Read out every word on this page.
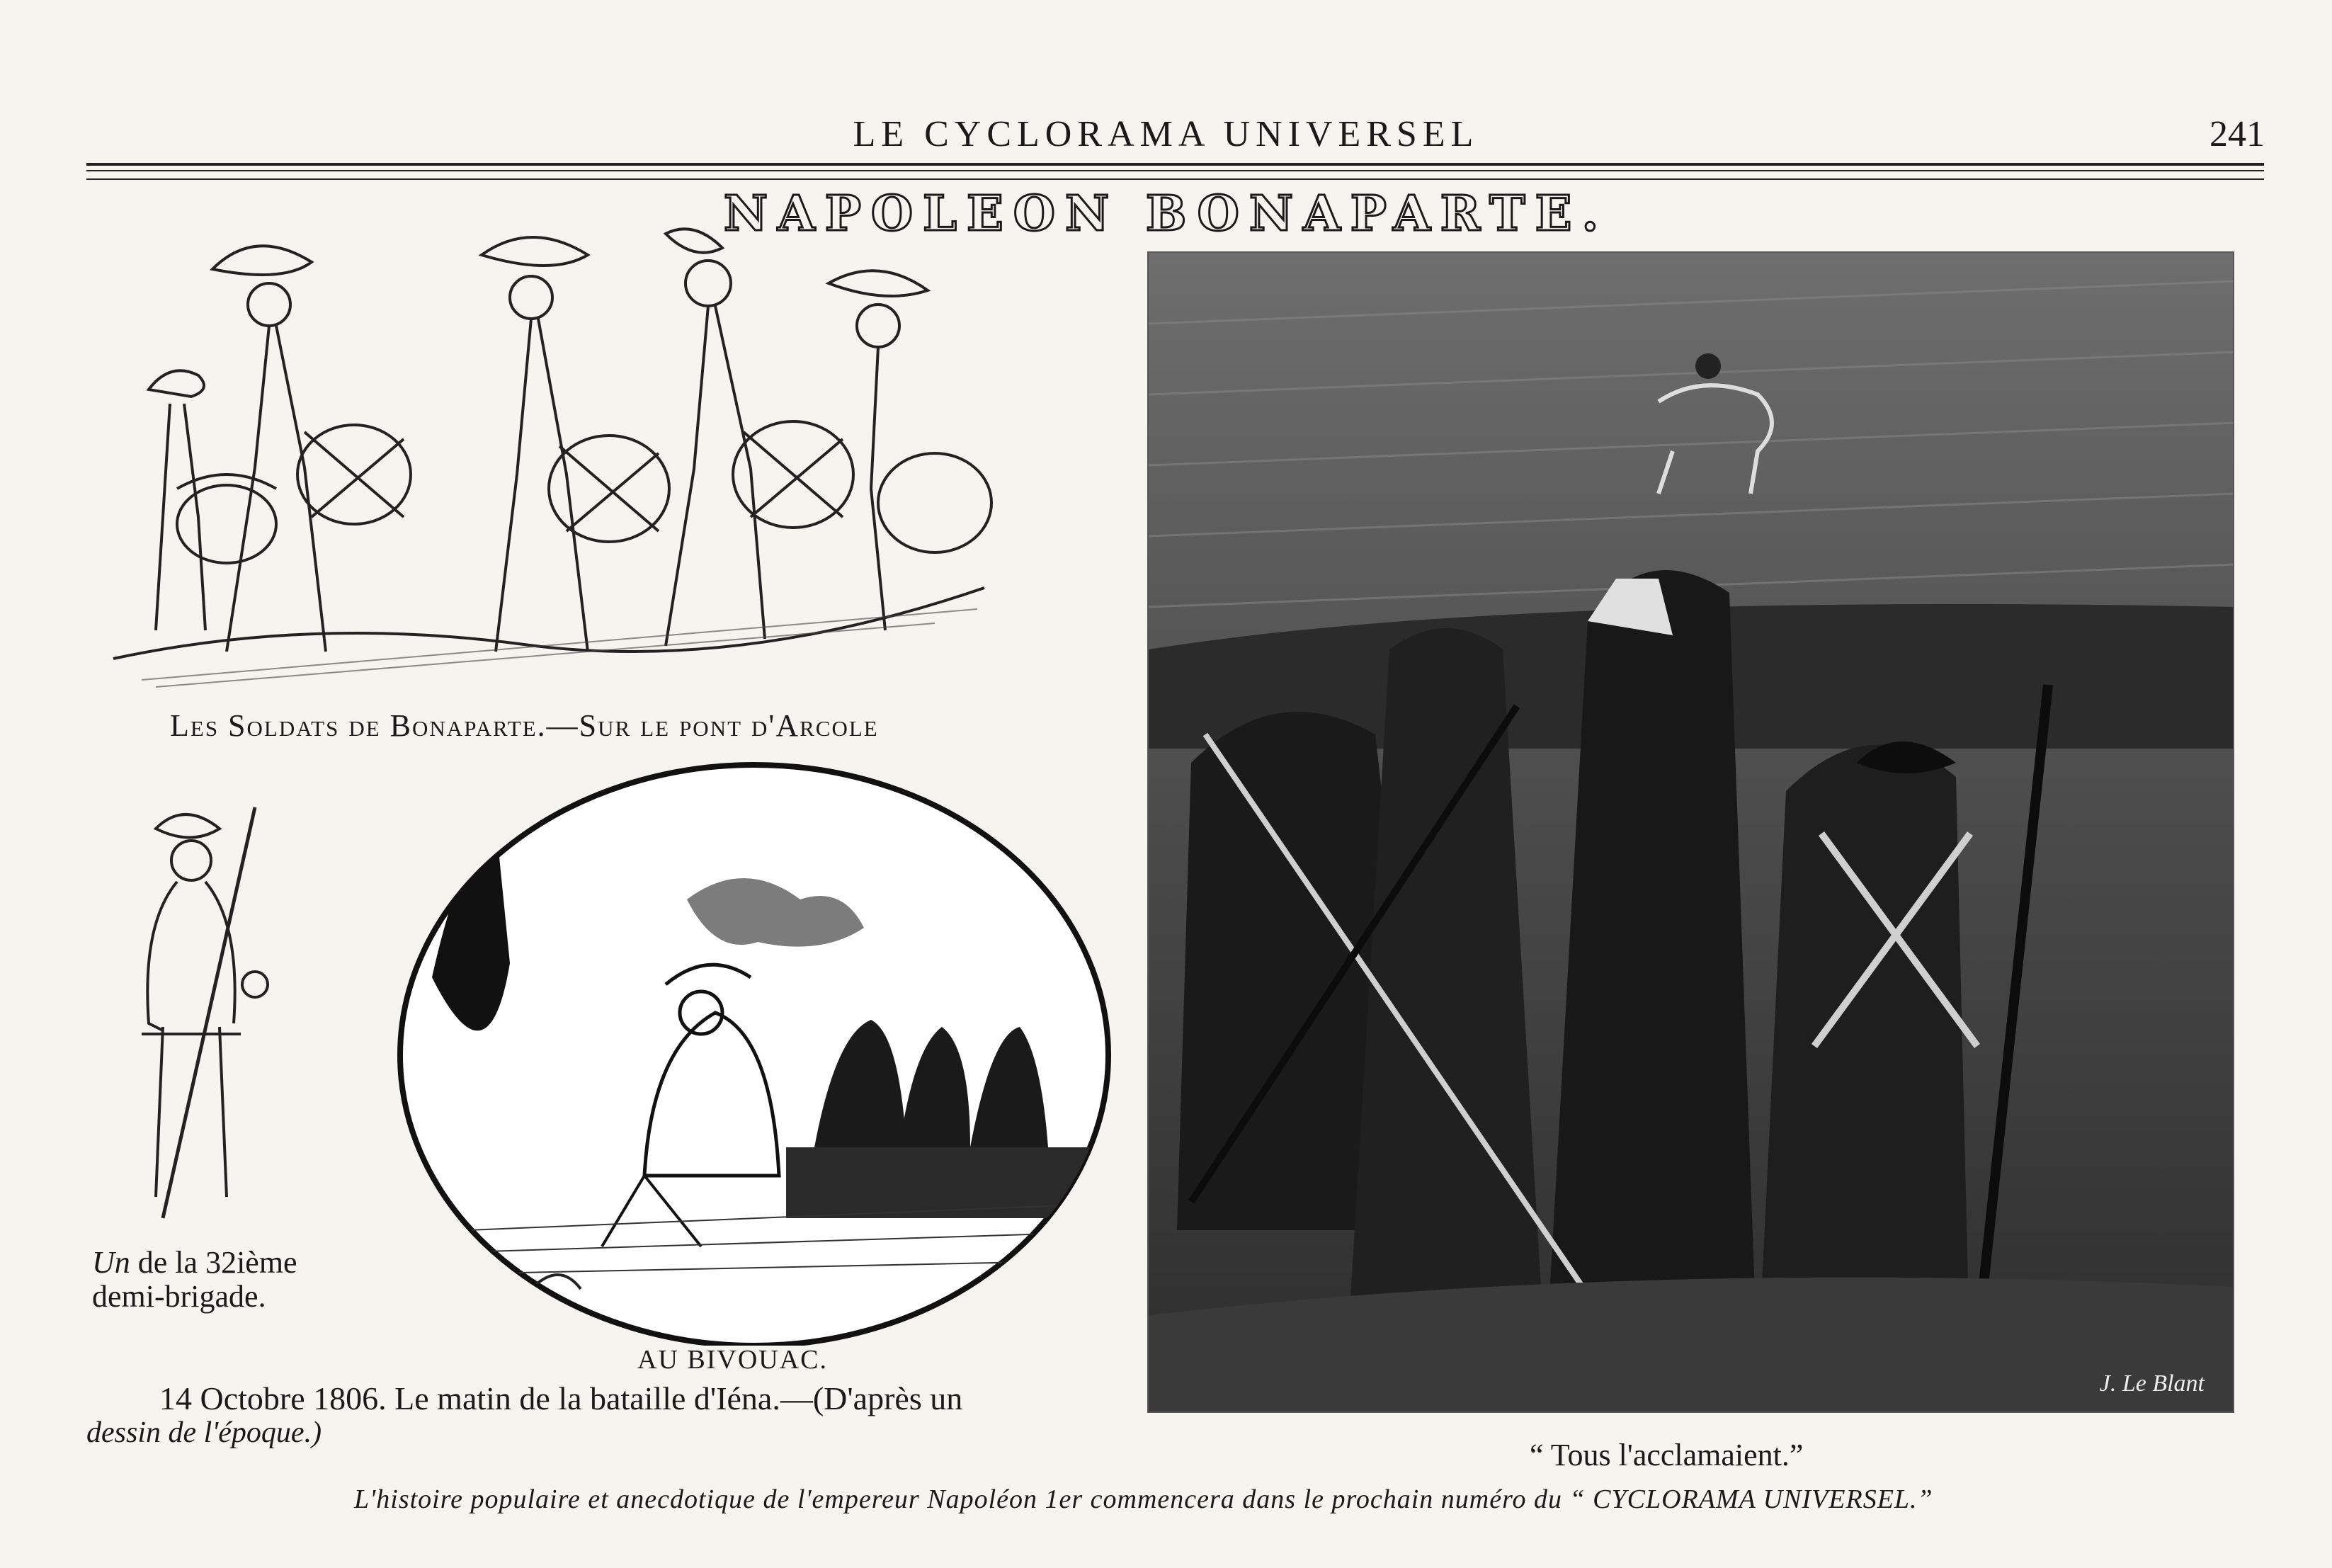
LE CYCLORAMA UNIVERSEL	241
NAPOLEON BONAPARTE.
Les Soldats de Bonaparte.—Sur le pont d'Arcole
Un de la 32ième
demi-brigade.
AU BIVOUAC.
14 Octobre 1806. Le matin de la bataille d'Iéna.—(D'après un
dessin de l'époque.)
J. Le Blant
“ Tous l'acclamaient.”
L'histoire populaire et anecdotique de l'empereur Napoléon 1er commencera dans le prochain numéro du “ CYCLORAMA UNIVERSEL.”
